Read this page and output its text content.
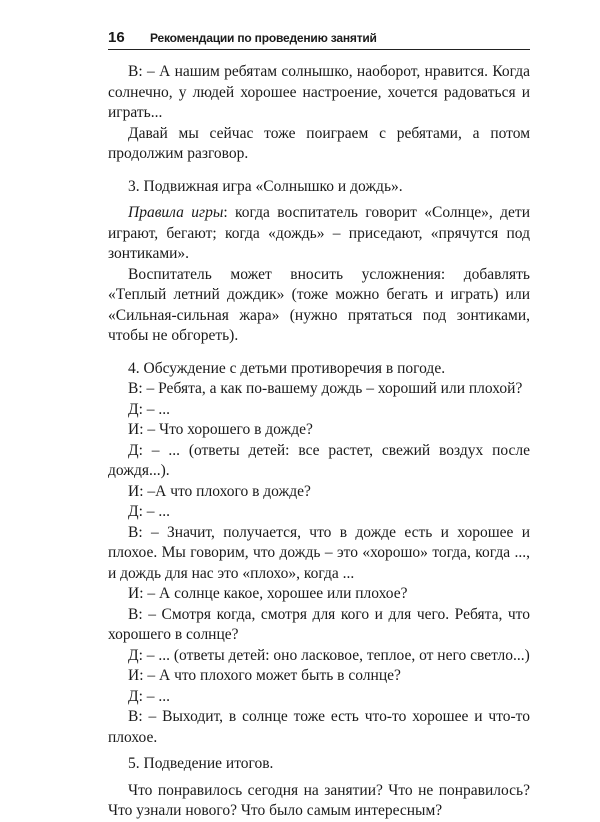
16 Рекомендации по проведению занятий

В: – А нашим ребятам солнышко, наоборот, нравится. Когда солнечно, у людей хорошее настроение, хочется радоваться и играть...

Давай мы сейчас тоже поиграем с ребятами, а потом продолжим разговор.

3. Подвижная игра «Солнышко и дождь».

Правила игры: когда воспитатель говорит «Солнце», дети играют, бегают; когда «дождь» – приседают, «прячутся под зонтиками».

Воспитатель может вносить усложнения: добавлять «Теплый летний дождик» (тоже можно бегать и играть) или «Сильная-сильная жара» (нужно прятаться под зонтиками, чтобы не обгореть).

4. Обсуждение с детьми противоречия в погоде.

В: – Ребята, а как по-вашему дождь – хороший или плохой?

Д: – ...

И: – Что хорошего в дожде?

Д: – ... (ответы детей: все растет, свежий воздух после дождя...).

И: –А что плохого в дожде?

Д: – ...

В: – Значит, получается, что в дожде есть и хорошее и плохое. Мы говорим, что дождь – это «хорошо» тогда, когда ..., и дождь для нас это «плохо», когда ...

И: – А солнце какое, хорошее или плохое?

В: – Смотря когда, смотря для кого и для чего. Ребята, что хорошего в солнце?

Д: – ... (ответы детей: оно ласковое, теплое, от него светло...)

И: – А что плохого может быть в солнце?

Д: – ...

В: – Выходит, в солнце тоже есть что-то хорошее и что-то плохое.

5. Подведение итогов.

Что понравилось сегодня на занятии? Что не понравилось? Что узнали нового? Что было самым интересным?
